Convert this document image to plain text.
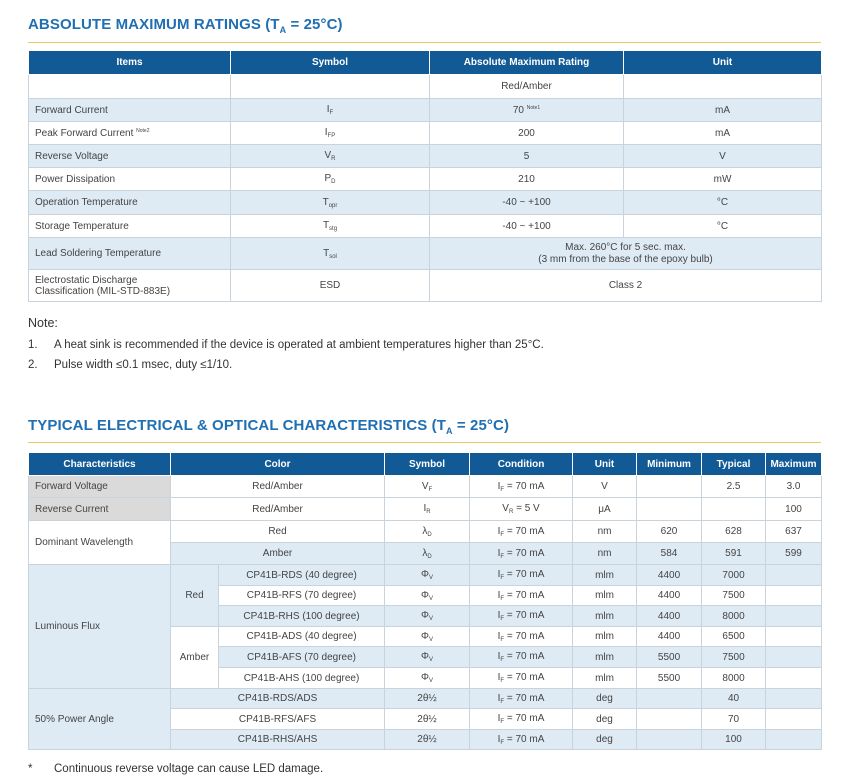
ABSOLUTE MAXIMUM RATINGS $(T_A = 25^\circ C)$
Items	Symbol	Absolute Maximum Rating	Unit
		Red/Amber	
Forward Current	$I_F$	70 $^{Note1}$	mA
Peak Forward Current $^{Note2}$	$I_{FP}$	200	mA
Reverse Voltage	$V_R$	5	V
Power Dissipation	$P_D$	210	mW
Operation Temperature	$T_{opr}$	-40 ~ +100	°C
Storage Temperature	$T_{stg}$	-40 ~ +100	°C
Lead Soldering Temperature	$T_{sol}$	Max. 260°C for 5 sec. max.
(3 mm from the base of the epoxy bulb)	
Electrostatic Discharge
Classification (MIL-STD-883E)	ESD	Class 2	
Note:
1. A heat sink is recommended if the device is operated at ambient temperatures higher than 25°C.
2. Pulse width ≤0.1 msec, duty ≤1/10.
TYPICAL ELECTRICAL & OPTICAL CHARACTERISTICS $(T_A = 25^\circ C)$
Characteristics	Color		Symbol	Condition	Unit	Minimum	Typical	Maximum
Forward Voltage	Red/Amber		$V_F$	$I_F = 70$ mA	V		2.5	3.0
Reverse Current	Red/Amber		$I_R$	$V_R = 5$ V	μA			100
Dominant Wavelength	Red		$\lambda_D$	$I_F = 70$ mA	nm	620	628	637
	Amber		$\lambda_D$	$I_F = 70$ mA	nm	584	591	599
Luminous Flux	Red	CP41B-RDS (40 degree)	$\Phi_V$	$I_F = 70$ mA	mlm	4400	7000	
		CP41B-RFS (70 degree)	$\Phi_V$	$I_F = 70$ mA	mlm	4400	7500	
		CP41B-RHS (100 degree)	$\Phi_V$	$I_F = 70$ mA	mlm	4400	8000	
	Amber	CP41B-ADS (40 degree)	$\Phi_V$	$I_F = 70$ mA	mlm	4400	6500	
		CP41B-AFS (70 degree)	$\Phi_V$	$I_F = 70$ mA	mlm	5500	7500	
		CP41B-AHS (100 degree)	$\Phi_V$	$I_F = 70$ mA	mlm	5500	8000	
50% Power Angle	CP41B-RDS/ADS		2θ½	$I_F = 70$ mA	deg		40	
	CP41B-RFS/AFS		2θ½	$I_F = 70$ mA	deg		70	
	CP41B-RHS/AHS		2θ½	$I_F = 70$ mA	deg		100	
* Continuous reverse voltage can cause LED damage.
